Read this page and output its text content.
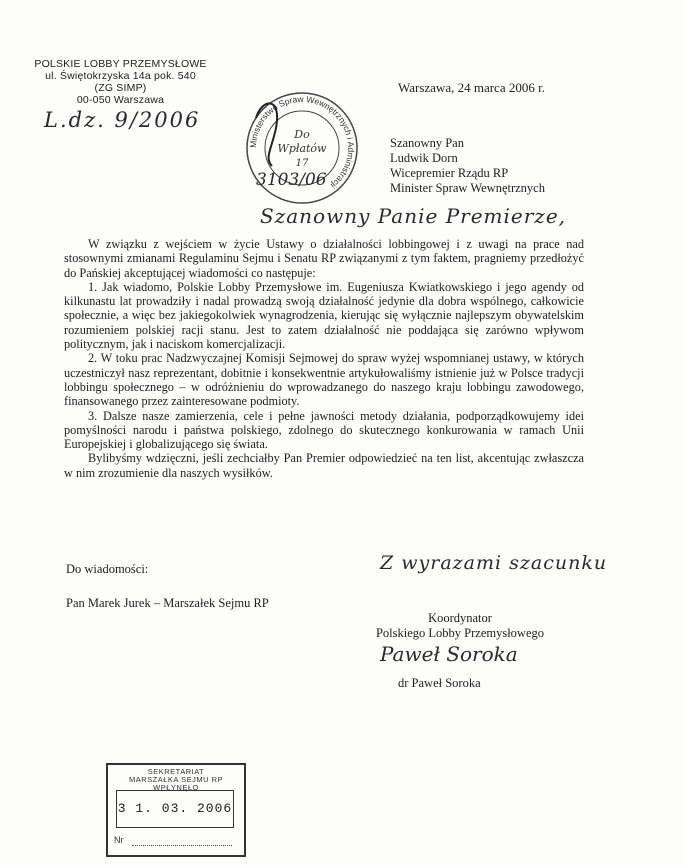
POLSKIE LOBBY PRZEMYSŁOWE
ul. Świętokrzyska 14a pok. 540
(ZG SIMP)
00-050 Warszawa
L.dz. 9/2006
Warszawa, 24 marca 2006 r.
Ministerstwo Spraw Wewnętrznych i Administracji
Do
Wpłatów
17
3103/06
Szanowny Pan
Ludwik Dorn
Wicepremier Rządu RP
Minister Spraw Wewnętrznych
Szanowny Panie Premierze,

W związku z wejściem w życie Ustawy o działalności lobbingowej i z uwagi na prace nad stosownymi zmianami Regulaminu Sejmu i Senatu RP związanymi z tym faktem, pragniemy przedłożyć do Pańskiej akceptującej wiadomości co następuje:

1. Jak wiadomo, Polskie Lobby Przemysłowe im. Eugeniusza Kwiatkowskiego i jego agendy od kilkunastu lat prowadziły i nadal prowadzą swoją działalność jedynie dla dobra wspólnego, całkowicie społecznie, a więc bez jakiegokolwiek wynagrodzenia, kierując się wyłącznie najlepszym obywatelskim rozumieniem polskiej racji stanu. Jest to zatem działalność nie poddająca się zarówno wpływom politycznym, jak i naciskom komercjalizacji.

2. W toku prac Nadzwyczajnej Komisji Sejmowej do spraw wyżej wspomnianej ustawy, w których uczestniczył nasz reprezentant, dobitnie i konsekwentnie artykułowaliśmy istnienie już w Polsce tradycji lobbingu społecznego – w odróżnieniu do wprowadzanego do naszego kraju lobbingu zawodowego, finansowanego przez zainteresowane podmioty.

3. Dalsze nasze zamierzenia, cele i pełne jawności metody działania, podporządkowujemy idei pomyślności narodu i państwa polskiego, zdolnego do skutecznego konkurowania w ramach Unii Europejskiej i globalizującego się świata.

Bylibyśmy wdzięczni, jeśli zechciałby Pan Premier odpowiedzieć na ten list, akcentując zwłaszcza w nim zrozumienie dla naszych wysiłków.

Do wiadomości:
Pan Marek Jurek – Marszałek Sejmu RP
Z wyrazami szacunku
Koordynator
Polskiego Lobby Przemysłowego
Paweł Soroka
dr Paweł Soroka
SEKRETARIAT
MARSZAŁKA SEJMU RP
WPŁYNĘŁO
3 1. 03. 2006
Nr
